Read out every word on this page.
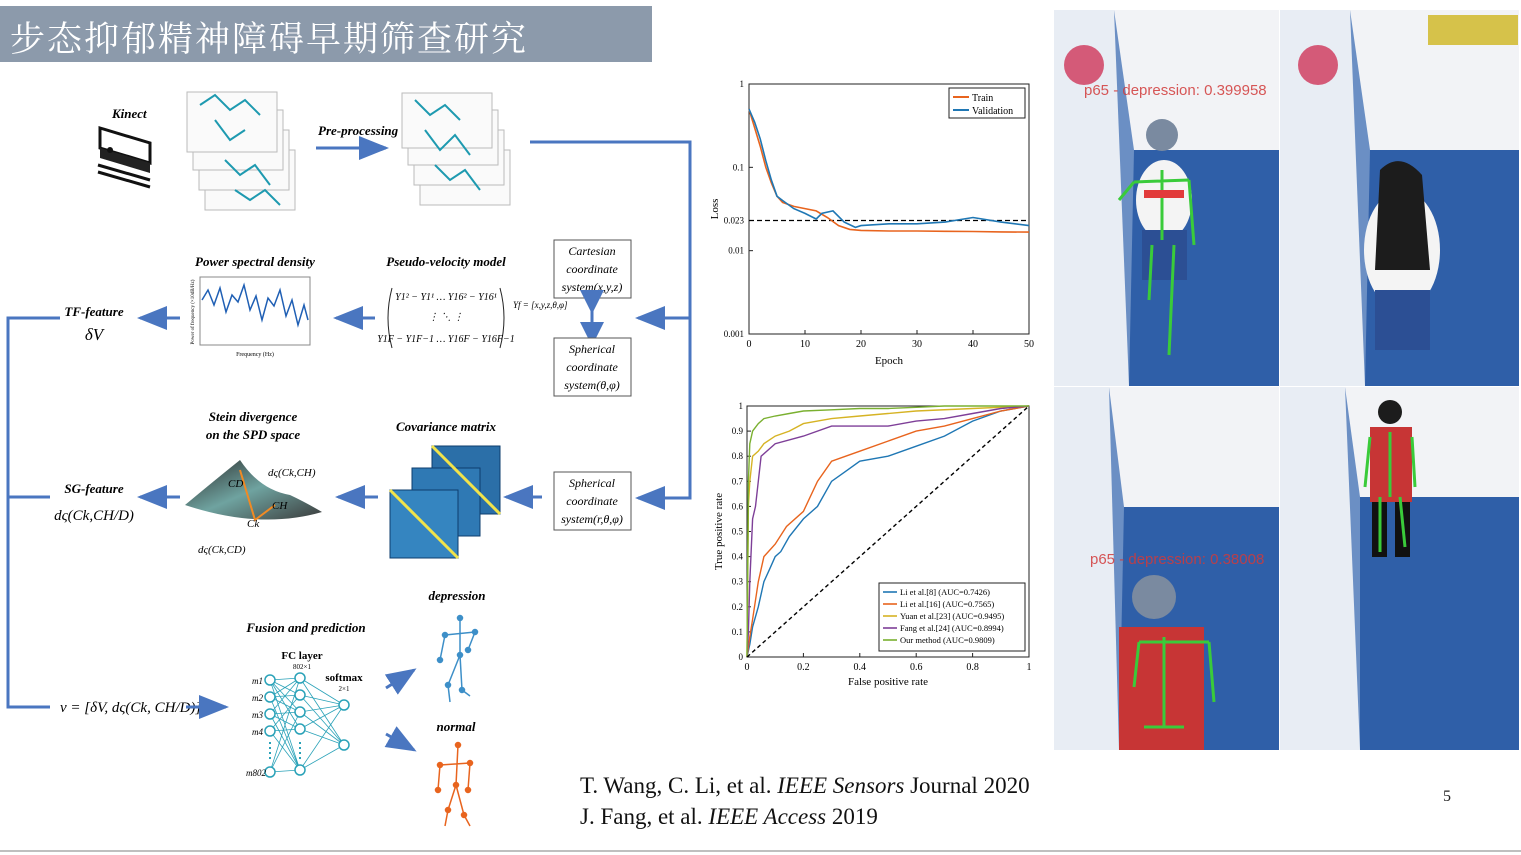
步态抑郁精神障碍早期筛查研究
Kinect
Pre-processing
Cartesian
coordinate
system(x,y,z)
Spherical
coordinate
system(θ,φ)
Pseudo-velocity model
Yf = [x,y,z,θ,φ]
Y1² − Y1¹ … Y16² − Y16¹
⋮ ⋱ ⋮
Y1F − Y1F−1 … Y16F − Y16F−1
Power spectral density
Frequency (Hz)
Power of frequency (×10dB/Hz)
TF-feature
δV
Spherical
coordinate
system(r,θ,φ)
Covariance matrix
Stein divergence
on the SPD space
dς(Ck,CH)
CD
CH
Ck
dς(Ck,CD)
SG-feature
dς(Ck,CH/D)
v = [δV, dς(Ck, CH/D)]
Fusion and prediction
FC layer
802×1
softmax
2×1
m1
m2
m3
m4
m802
depression
normal
0	10	20	30	40	50
1
0.1
0.023
0.01
0.001
Epoch
Loss
Train
Validation
0	0.2	0.4	0.6	0.8	1
0
0.1
0.2
0.3
0.4
0.5
0.6
0.7
0.8
0.9
1
False positive rate
True positive rate
Li et al.[8] (AUC=0.7426)
Li et al.[16] (AUC=0.7565)
Yuan et al.[23] (AUC=0.9495)
Fang et al.[24] (AUC=0.8994)
Our method (AUC=0.9809)
p65 - depression: 0.399958
p65 - depression: 0.38008
T. Wang, C. Li, et al. IEEE Sensors Journal 2020
J. Fang, et al. IEEE Access 2019
5
